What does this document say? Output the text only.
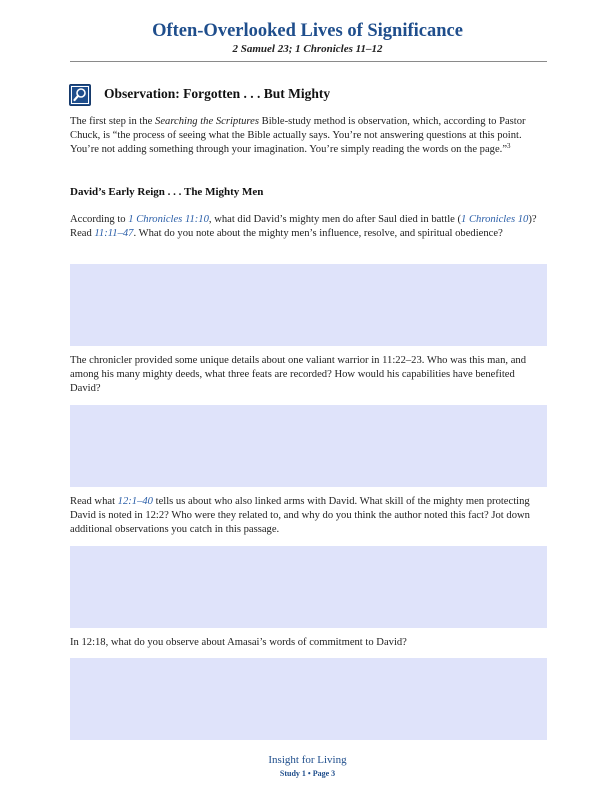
Often-Overlooked Lives of Significance
2 Samuel 23; 1 Chronicles 11–12
Observation: Forgotten . . . But Mighty
The first step in the Searching the Scriptures Bible-study method is observation, which, according to Pastor Chuck, is “the process of seeing what the Bible actually says. You’re not answering questions at this point. You’re not adding something through your imagination. You’re simply reading the words on the page.”$^3$
David’s Early Reign . . . The Mighty Men
According to 1 Chronicles 11:10, what did David’s mighty men do after Saul died in battle (1 Chronicles 10)? Read 11:11–47. What do you note about the mighty men’s influence, resolve, and spiritual obedience?
The chronicler provided some unique details about one valiant warrior in 11:22–23. Who was this man, and among his many mighty deeds, what three feats are recorded? How would his capabilities have benefited David?
Read what 12:1–40 tells us about who also linked arms with David. What skill of the mighty men protecting David is noted in 12:2? Who were they related to, and why do you think the author noted this fact? Jot down additional observations you catch in this passage.
In 12:18, what do you observe about Amasai’s words of commitment to David?
Insight for Living
Study 1 • Page 3
